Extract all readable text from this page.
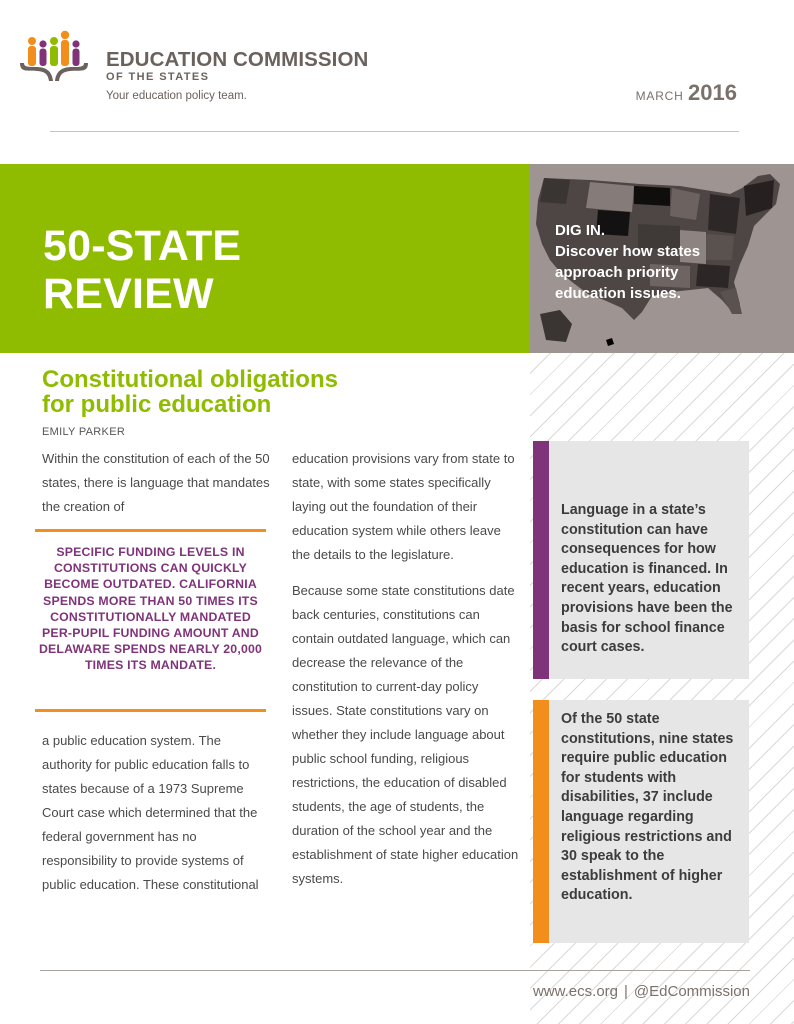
EDUCATION COMMISSION
OF THE STATES
Your education policy team.	MARCH 2016
50-STATE
REVIEW
DIG IN.
Discover how states
approach priority
education issues.
Constitutional obligations
for public education
EMILY PARKER
Within the constitution of each of the 50 states, there is language that mandates the creation of
SPECIFIC FUNDING LEVELS IN CONSTITUTIONS CAN QUICKLY BECOME OUTDATED. CALIFORNIA SPENDS MORE THAN 50 TIMES ITS CONSTITUTIONALLY MANDATED PER-PUPIL FUNDING AMOUNT AND DELAWARE SPENDS NEARLY 20,000 TIMES ITS MANDATE.
a public education system. The authority for public education falls to states because of a 1973 Supreme Court case which determined that the federal government has no responsibility to provide systems of public education. These constitutional

education provisions vary from state to state, with some states specifically laying out the foundation of their education system while others leave the details to the legislature.

Because some state constitutions date back centuries, constitutions can contain outdated language, which can decrease the relevance of the constitution to current-day policy issues. State constitutions vary on whether they include language about public school funding, religious restrictions, the education of disabled students, the age of students, the duration of the school year and the establishment of state higher education systems.

Language in a state’s constitution can have consequences for how education is financed. In recent years, education provisions have been the basis for school finance court cases.
Of the 50 state constitutions, nine states require public education for students with disabilities, 37 include language regarding religious restrictions and 30 speak to the establishment of higher education.
www.ecs.org | @EdCommission
